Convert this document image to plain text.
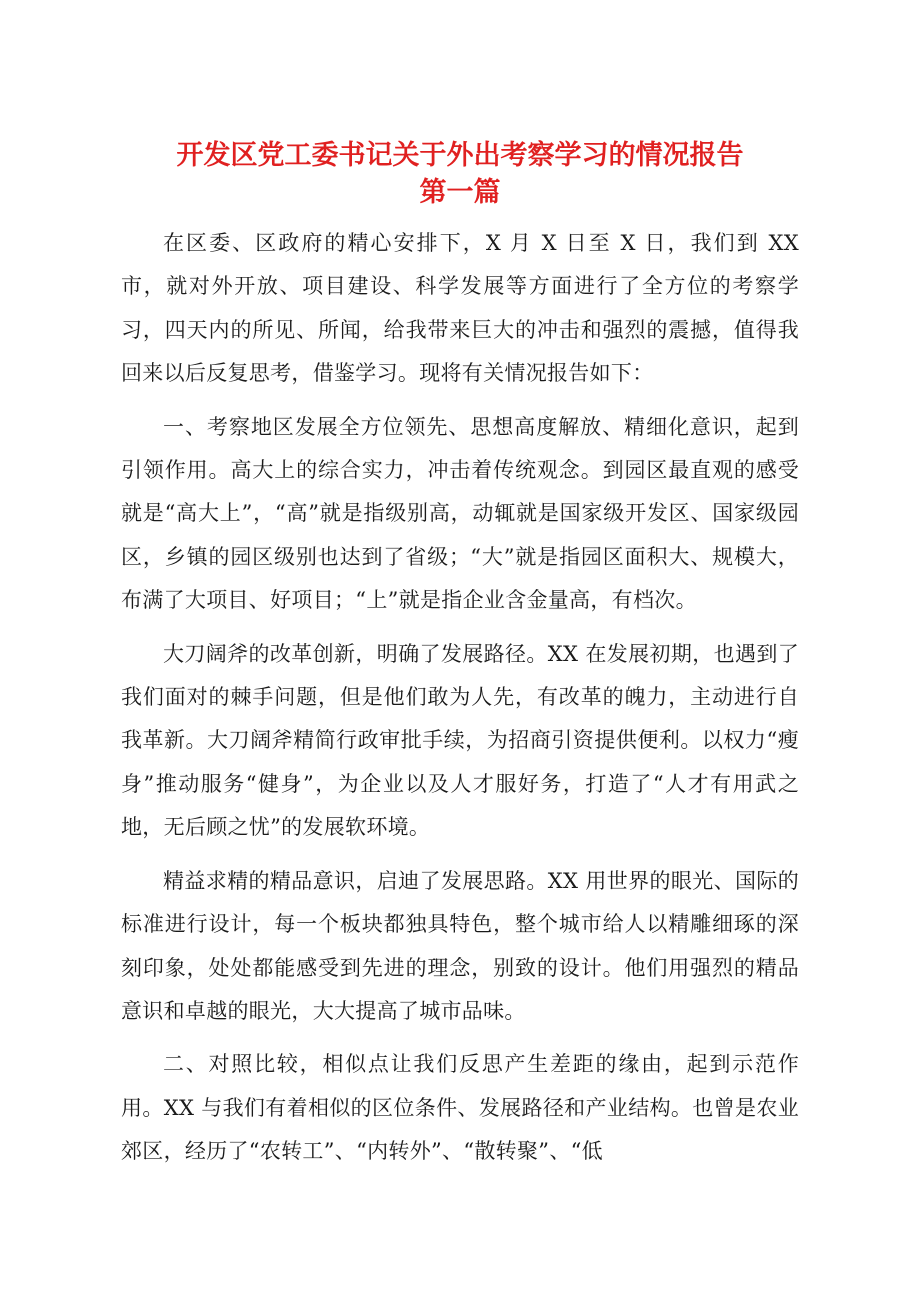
开发区党工委书记关于外出考察学习的情况报告
第一篇

在区委、区政府的精心安排下，X 月 X 日至 X 日，我们到 XX 市，就对外开放、项目建设、科学发展等方面进行了全方位的考察学习，四天内的所见、所闻，给我带来巨大的冲击和强烈的震撼，值得我回来以后反复思考，借鉴学习。现将有关情况报告如下：

一、考察地区发展全方位领先、思想高度解放、精细化意识，起到引领作用。高大上的综合实力，冲击着传统观念。到园区最直观的感受就是“高大上”，“高”就是指级别高，动辄就是国家级开发区、国家级园区，乡镇的园区级别也达到了省级；“大”就是指园区面积大、规模大，布满了大项目、好项目；“上”就是指企业含金量高，有档次。

大刀阔斧的改革创新，明确了发展路径。XX 在发展初期，也遇到了我们面对的棘手问题，但是他们敢为人先，有改革的魄力，主动进行自我革新。大刀阔斧精简行政审批手续，为招商引资提供便利。以权力“瘦身”推动服务“健身”，为企业以及人才服好务，打造了“人才有用武之地，无后顾之忧”的发展软环境。

精益求精的精品意识，启迪了发展思路。XX 用世界的眼光、国际的标准进行设计，每一个板块都独具特色，整个城市给人以精雕细琢的深刻印象，处处都能感受到先进的理念，别致的设计。他们用强烈的精品意识和卓越的眼光，大大提高了城市品味。

二、对照比较，相似点让我们反思产生差距的缘由，起到示范作用。XX 与我们有着相似的区位条件、发展路径和产业结构。也曾是农业郊区，经历了“农转工”、“内转外”、“散转聚”、“低
